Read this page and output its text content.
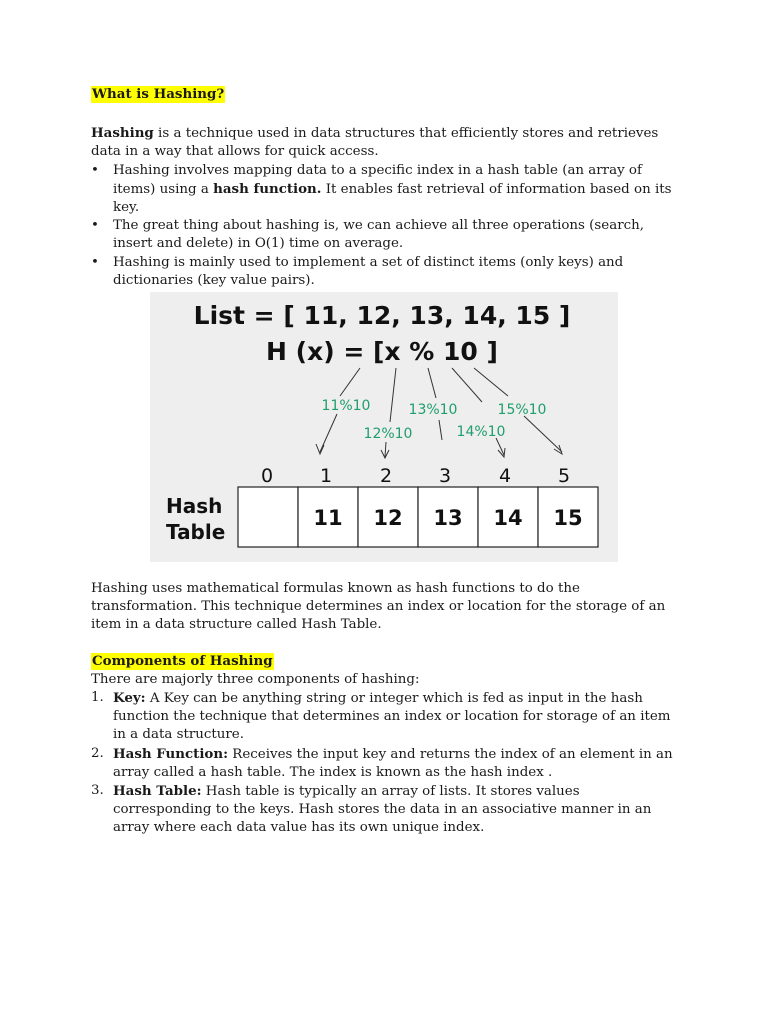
What is Hashing?

Hashing is a technique used in data structures that efficiently stores and retrieves data in a way that allows for quick access.

• Hashing involves mapping data to a specific index in a hash table (an array of items) using a hash function. It enables fast retrieval of information based on its key.
• The great thing about hashing is, we can achieve all three operations (search, insert and delete) in O(1) time on average.
• Hashing is mainly used to implement a set of distinct items (only keys) and dictionaries (key value pairs).
List = [ 11, 12, 13, 14, 15 ]
H (x) = [x % 10 ]
11%10
12%10
13%10
14%10
15%10
0 1	2 3	4 5
Hash
Table
11 12 13 14 15

Hashing uses mathematical formulas known as hash functions to do the transformation. This technique determines an index or location for the storage of an item in a data structure called Hash Table.

Components of Hashing

There are majorly three components of hashing:

1. Key: A Key can be anything string or integer which is fed as input in the hash function the technique that determines an index or location for storage of an item in a data structure.
2. Hash Function: Receives the input key and returns the index of an element in an array called a hash table. The index is known as the hash index .
3. Hash Table: Hash table is typically an array of lists. It stores values corresponding to the keys. Hash stores the data in an associative manner in an array where each data value has its own unique index.
